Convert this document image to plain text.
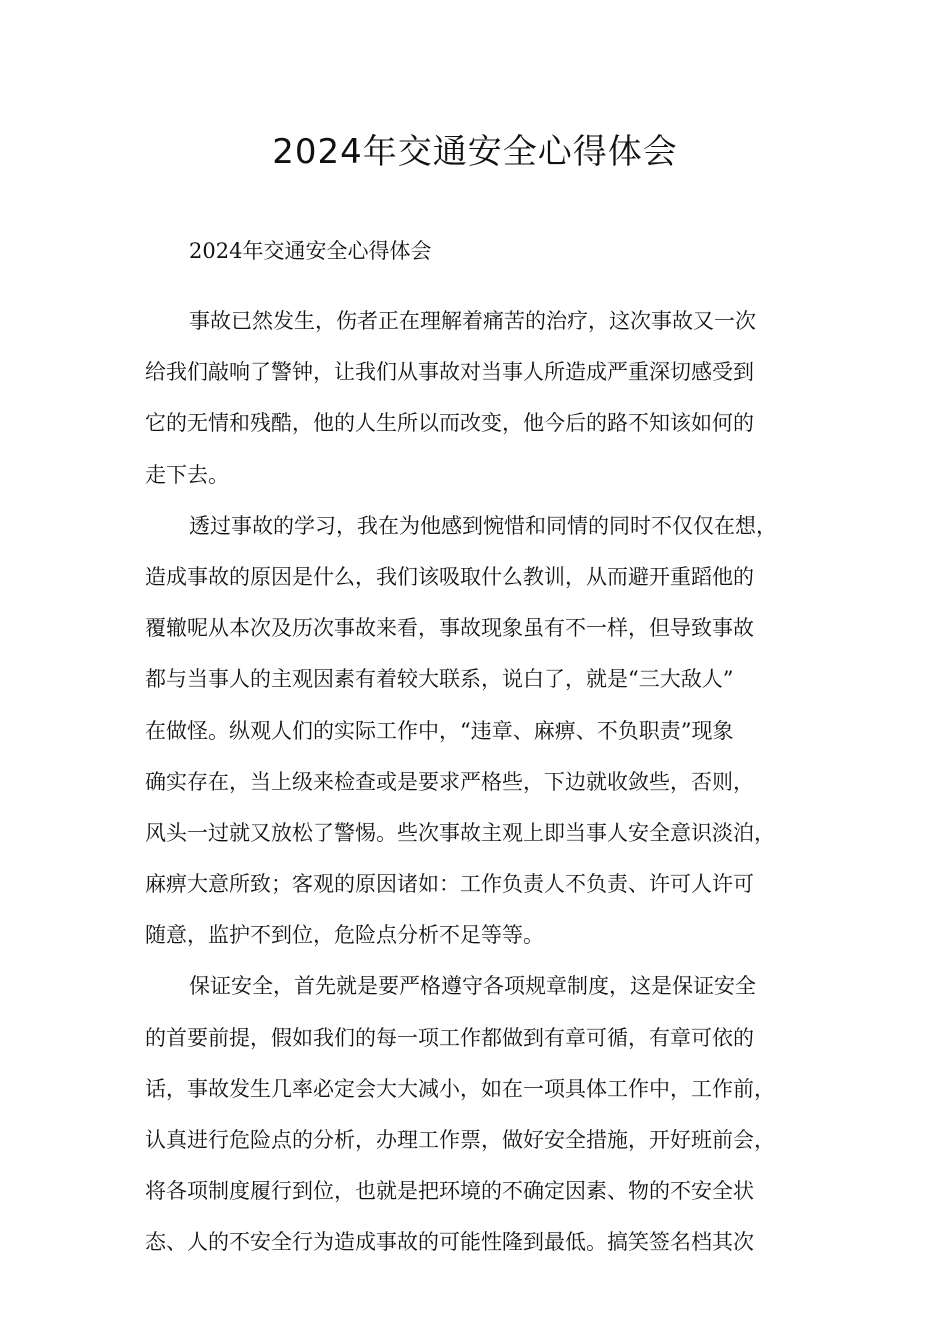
2024年交通安全心得体会

2024年交通安全心得体会

事故已然发生，伤者正在理解着痛苦的治疗，这次事故又一次
给我们敲响了警钟，让我们从事故对当事人所造成严重深切感受到
它的无情和残酷，他的人生所以而改变，他今后的路不知该如何的
走下去。

透过事故的学习，我在为他感到惋惜和同情的同时不仅仅在想，
造成事故的原因是什么，我们该吸取什么教训，从而避开重蹈他的
覆辙呢从本次及历次事故来看，事故现象虽有不一样，但导致事故
都与当事人的主观因素有着较大联系，说白了，就是“三大敌人”
在做怪。纵观人们的实际工作中，“违章、麻痹、不负职责”现象
确实存在，当上级来检查或是要求严格些，下边就收敛些，否则，
风头一过就又放松了警惕。些次事故主观上即当事人安全意识淡泊，
麻痹大意所致；客观的原因诸如：工作负责人不负责、许可人许可
随意，监护不到位，危险点分析不足等等。

保证安全，首先就是要严格遵守各项规章制度，这是保证安全
的首要前提，假如我们的每一项工作都做到有章可循，有章可依的
话，事故发生几率必定会大大减小，如在一项具体工作中，工作前，
认真进行危险点的分析，办理工作票，做好安全措施，开好班前会，
将各项制度履行到位，也就是把环境的不确定因素、物的不安全状
态、人的不安全行为造成事故的可能性隆到最低。搞笑签名档其次
